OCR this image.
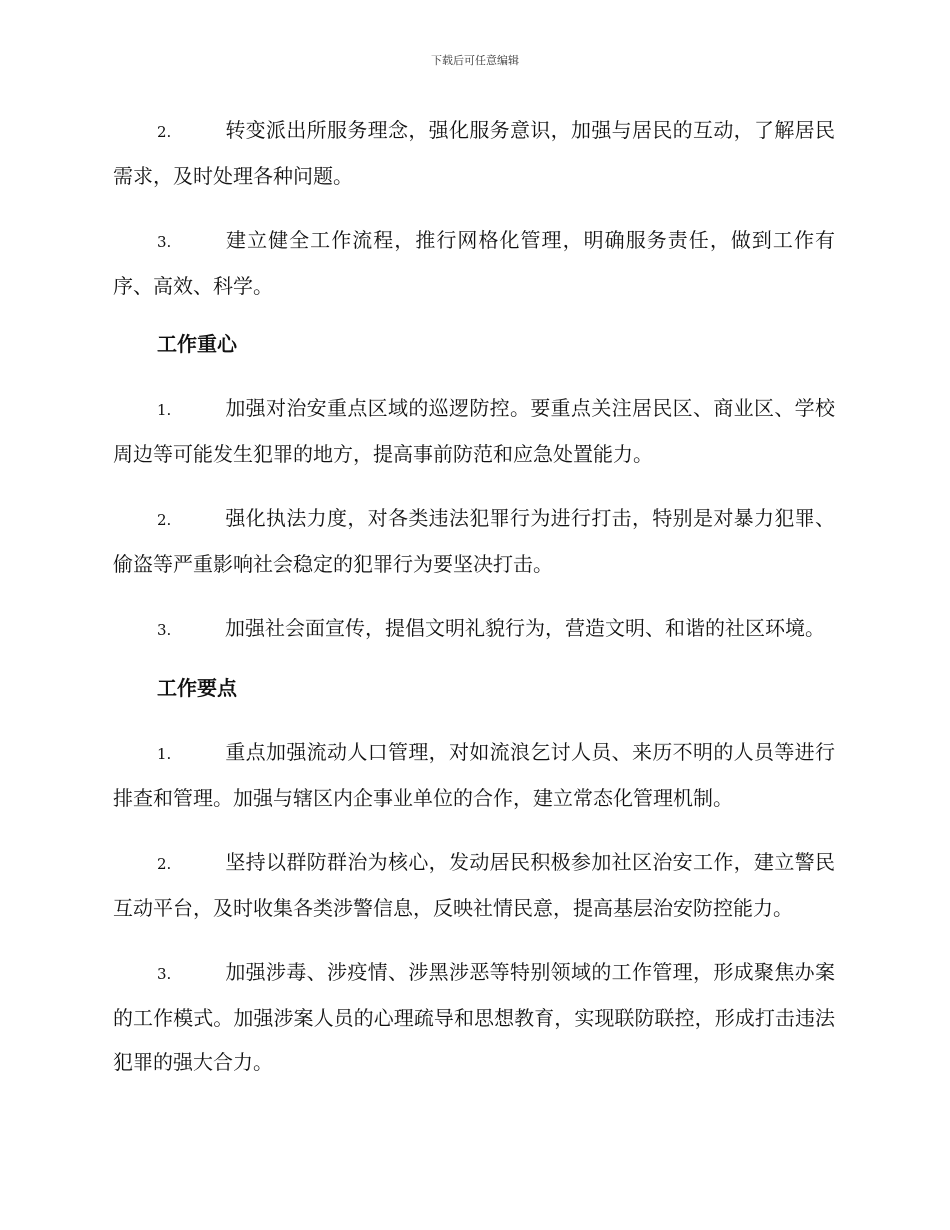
下载后可任意编辑

2.	转变派出所服务理念，强化服务意识，加强与居民的互动，了解居民需求，及时处理各种问题。

3.	建立健全工作流程，推行网格化管理，明确服务责任，做到工作有序、高效、科学。

工作重心

1.	加强对治安重点区域的巡逻防控。要重点关注居民区、商业区、学校周边等可能发生犯罪的地方，提高事前防范和应急处置能力。

2.	强化执法力度，对各类违法犯罪行为进行打击，特别是对暴力犯罪、偷盗等严重影响社会稳定的犯罪行为要坚决打击。

3.	加强社会面宣传，提倡文明礼貌行为，营造文明、和谐的社区环境。

工作要点

1.	重点加强流动人口管理，对如流浪乞讨人员、来历不明的人员等进行排查和管理。加强与辖区内企事业单位的合作，建立常态化管理机制。

2.	坚持以群防群治为核心，发动居民积极参加社区治安工作，建立警民互动平台，及时收集各类涉警信息，反映社情民意，提高基层治安防控能力。

3.	加强涉毒、涉疫情、涉黑涉恶等特别领域的工作管理，形成聚焦办案的工作模式。加强涉案人员的心理疏导和思想教育，实现联防联控，形成打击违法犯罪的强大合力。
